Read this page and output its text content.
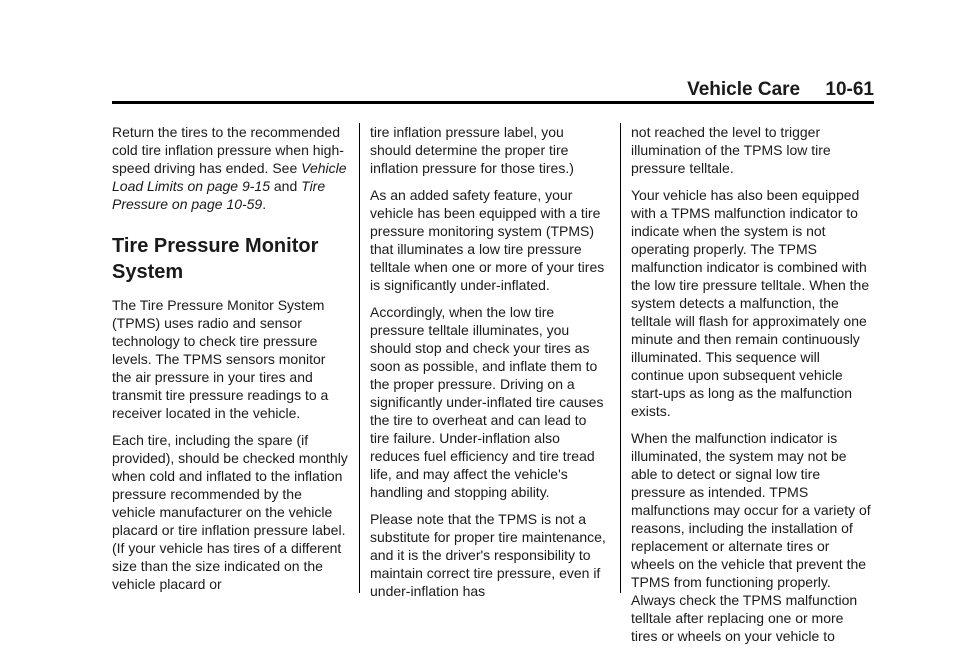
Vehicle Care 10-61

Return the tires to the recommended cold tire inflation pressure when high-speed driving has ended. See Vehicle Load Limits on page 9-15 and Tire Pressure on page 10-59.

Tire Pressure Monitor System

The Tire Pressure Monitor System (TPMS) uses radio and sensor technology to check tire pressure levels. The TPMS sensors monitor the air pressure in your tires and transmit tire pressure readings to a receiver located in the vehicle.

Each tire, including the spare (if provided), should be checked monthly when cold and inflated to the inflation pressure recommended by the vehicle manufacturer on the vehicle placard or tire inflation pressure label. (If your vehicle has tires of a different size than the size indicated on the vehicle placard or

tire inflation pressure label, you should determine the proper tire inflation pressure for those tires.)

As an added safety feature, your vehicle has been equipped with a tire pressure monitoring system (TPMS) that illuminates a low tire pressure telltale when one or more of your tires is significantly under-inflated.

Accordingly, when the low tire pressure telltale illuminates, you should stop and check your tires as soon as possible, and inflate them to the proper pressure. Driving on a significantly under-inflated tire causes the tire to overheat and can lead to tire failure. Under-inflation also reduces fuel efficiency and tire tread life, and may affect the vehicle's handling and stopping ability.

Please note that the TPMS is not a substitute for proper tire maintenance, and it is the driver's responsibility to maintain correct tire pressure, even if under-inflation has

not reached the level to trigger illumination of the TPMS low tire pressure telltale.

Your vehicle has also been equipped with a TPMS malfunction indicator to indicate when the system is not operating properly. The TPMS malfunction indicator is combined with the low tire pressure telltale. When the system detects a malfunction, the telltale will flash for approximately one minute and then remain continuously illuminated. This sequence will continue upon subsequent vehicle start-ups as long as the malfunction exists.

When the malfunction indicator is illuminated, the system may not be able to detect or signal low tire pressure as intended. TPMS malfunctions may occur for a variety of reasons, including the installation of replacement or alternate tires or wheels on the vehicle that prevent the TPMS from functioning properly. Always check the TPMS malfunction telltale after replacing one or more tires or wheels on your vehicle to
